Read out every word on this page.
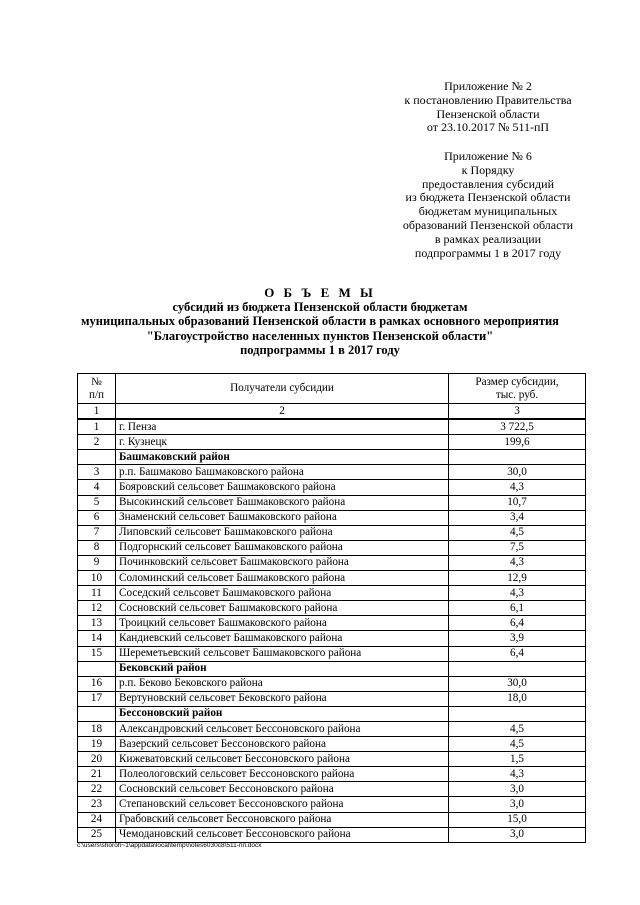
Приложение № 2
к постановлению Правительства
Пензенской области
от 23.10.2017 № 511-пП
Приложение № 6
к Порядку
предоставления субсидий
из бюджета Пензенской области
бюджетам муниципальных
образований Пензенской области
в рамках реализации
подпрограммы 1 в 2017 году
О Б Ъ Е М Ы
субсидий из бюджета Пензенской области бюджетам
муниципальных образований Пензенской области в рамках основного мероприятия
"Благоустройство населенных пунктов Пензенской области"
подпрограммы 1 в 2017 году
№
п/п	Получатели субсидии	Размер субсидии,
тыс. руб.
1	2	3
1	г. Пенза	3 722,5
2	г. Кузнецк	199,6
	Башмаковский район	
3	р.п. Башмаково Башмаковского района	30,0
4	Бояровский сельсовет Башмаковского района	4,3
5	Высокинский сельсовет Башмаковского района	10,7
6	Знаменский сельсовет Башмаковского района	3,4
7	Липовский сельсовет Башмаковского района	4,5
8	Подгорнский сельсовет Башмаковского района	7,5
9	Починковский сельсовет Башмаковского района	4,3
10	Соломинский сельсовет Башмаковского района	12,9
11	Соседский сельсовет Башмаковского района	4,3
12	Сосновский сельсовет Башмаковского района	6,1
13	Троицкий сельсовет Башмаковского района	6,4
14	Кандиевский сельсовет Башмаковского района	3,9
15	Шереметьевский сельсовет Башмаковского района	6,4
	Бековский район	
16	р.п. Беково Бековского района	30,0
17	Вертуновский сельсовет Бековского района	18,0
	Бессоновский район	
18	Александровский сельсовет Бессоновского района	4,5
19	Вазерский сельсовет Бессоновского района	4,5
20	Кижеватовский сельсовет Бессоновского района	1,5
21	Полеологовский сельсовет Бессоновского района	4,3
22	Сосновский сельсовет Бессоновского района	3,0
23	Степановский сельсовет Бессоновского района	3,0
24	Грабовский сельсовет Бессоновского района	15,0
25	Чемодановский сельсовет Бессоновского района	3,0
c:\users\shoroh~1\appdata\local\temp\notes6030c8\511-пп.docx
